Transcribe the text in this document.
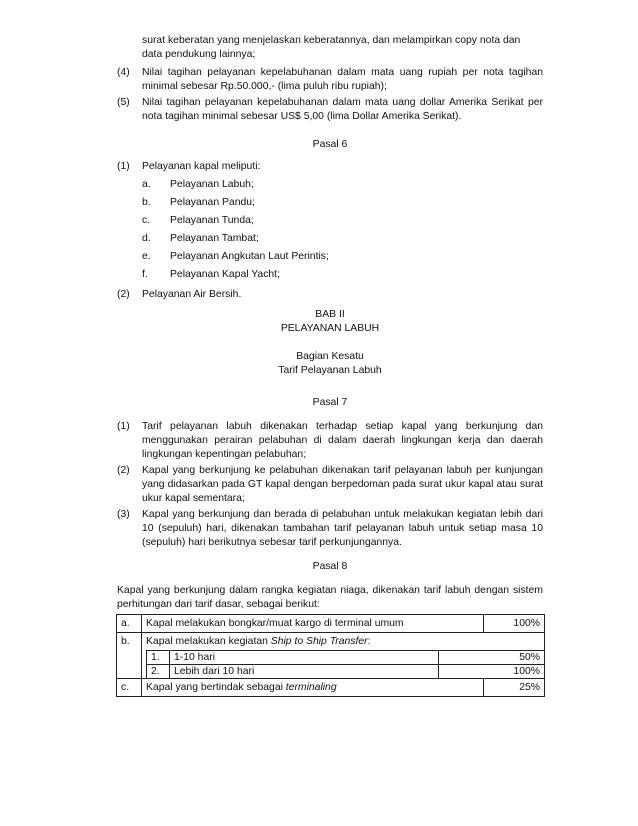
surat keberatan yang menjelaskan keberatannya, dan melampirkan copy nota dan
data pendukung lainnya;
(4) Nilai tagihan pelayanan kepelabuhanan dalam mata uang rupiah per nota tagihan minimal sebesar Rp.50.000,- (lima puluh ribu rupiah);
(5) Nilai tagihan pelayanan kepelabuhanan dalam mata uang dollar Amerika Serikat per nota tagihan minimal sebesar US$ 5,00 (lima Dollar Amerika Serikat).
Pasal 6
(1) Pelayanan kapal meliputi:
a. Pelayanan Labuh;
b. Pelayanan Pandu;
c. Pelayanan Tunda;
d. Pelayanan Tambat;
e. Pelayanan Angkutan Laut Perintis;
f. Pelayanan Kapal Yacht;
(2) Pelayanan Air Bersih.
BAB II
PELAYANAN LABUH
Bagian Kesatu
Tarif Pelayanan Labuh
Pasal 7
(1) Tarif pelayanan labuh dikenakan terhadap setiap kapal yang berkunjung dan menggunakan perairan pelabuhan di dalam daerah lingkungan kerja dan daerah lingkungan kepentingan pelabuhan;
(2) Kapal yang berkunjung ke pelabuhan dikenakan tarif pelayanan labuh per kunjungan yang didasarkan pada GT kapal dengan berpedoman pada surat ukur kapal atau surat ukur kapal sementara;
(3) Kapal yang berkunjung dan berada di pelabuhan untuk melakukan kegiatan lebih dari 10 (sepuluh) hari, dikenakan tambahan tarif pelayanan labuh untuk setiap masa 10 (sepuluh) hari berikutnya sebesar tarif perkunjungannya.
Pasal 8
Kapal yang berkunjung dalam rangka kegiatan niaga, dikenakan tarif labuh dengan sistem perhitungan dari tarif dasar, sebagai berikut:
a.	Kapal melakukan bongkar/muat kargo di terminal umum	100%
b.	Kapal melakukan kegiatan Ship to Ship Transfer:
1.	1-10 hari	50%
2.	Lebih dari 10 hari	100%

c.	Kapal yang bertindak sebagai terminaling	25%
